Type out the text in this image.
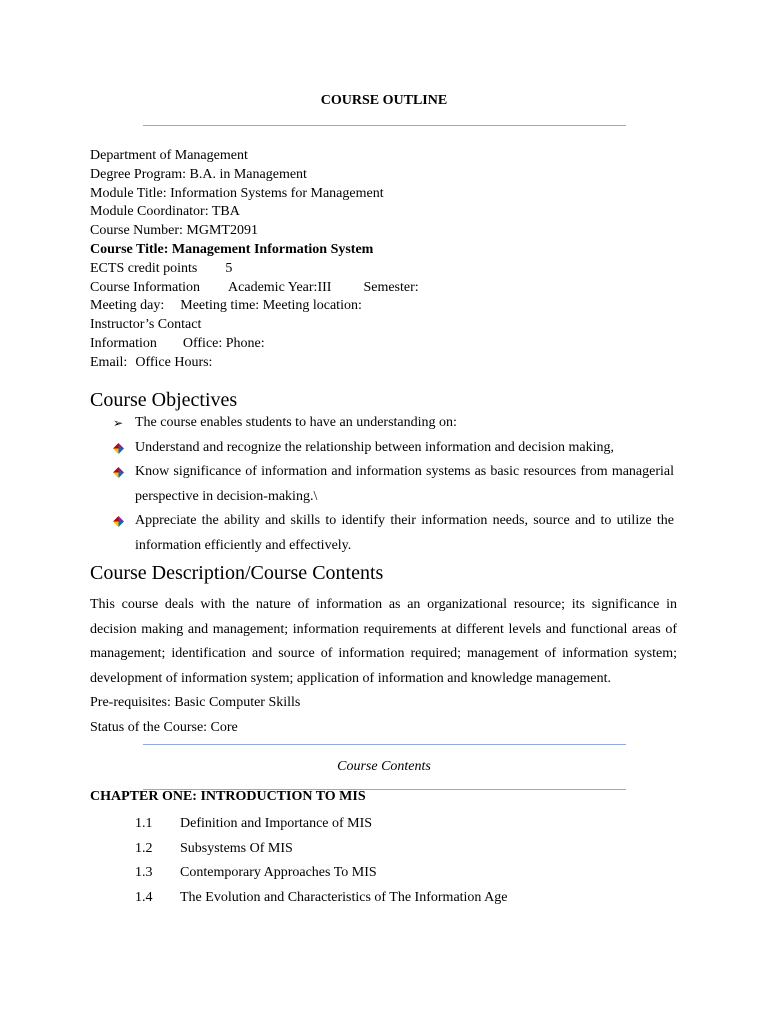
COURSE OUTLINE
Department of Management
Degree Program: B.A. in Management
Module Title: Information Systems for Management
Module Coordinator: TBA
Course Number: MGMT2091
Course Title: Management Information System
ECTS credit points 5
Course Information Academic Year:III Semester:
Meeting day: Meeting time: Meeting location:
Instructor’s Contact
Information Office: Phone:
Email: Office Hours:
Course Objectives
➢ The course enables students to have an understanding on:
Understand and recognize the relationship between information and decision making,
Know significance of information and information systems as basic resources from managerial perspective in decision-making.\
Appreciate the ability and skills to identify their information needs, source and to utilize the information efficiently and effectively.
Course Description/Course Contents
This course deals with the nature of information as an organizational resource; its significance in decision making and management; information requirements at different levels and functional areas of management; identification and source of information required; management of information system; development of information system; application of information and knowledge management.
Pre-requisites: Basic Computer Skills
Status of the Course: Core
Course Contents
CHAPTER ONE: INTRODUCTION TO MIS
1.1 Definition and Importance of MIS
1.2 Subsystems Of MIS
1.3 Contemporary Approaches To MIS
1.4 The Evolution and Characteristics of The Information Age
